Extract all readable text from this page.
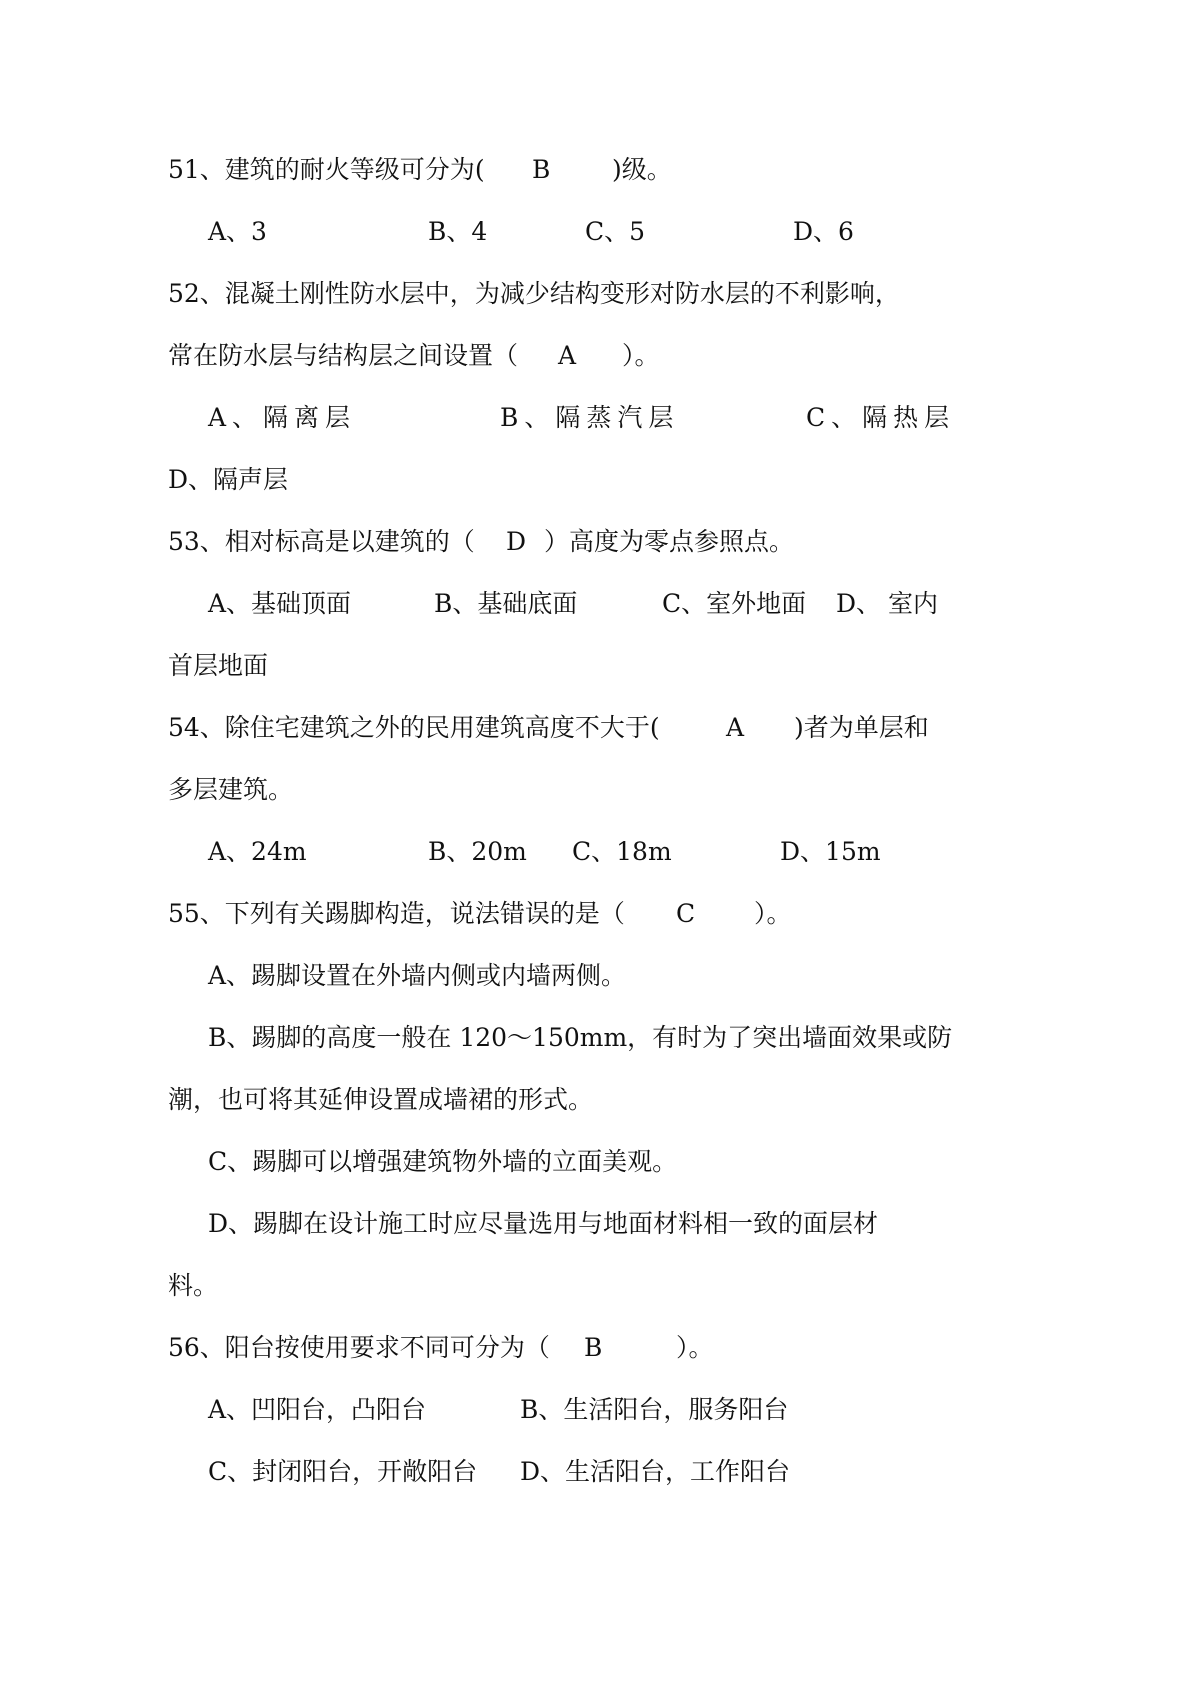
51、建筑的耐火等级可分为(

B

)级。

A、3

	B、4

	C、5

	D、6

52、混凝土刚性防水层中，为减少结构变形对防水层的不利影响，

常在防水层与结构层之间设置（

A

）。

A、隔离层

	B、隔蒸汽层

	C、隔热层

D、隔声层

53、相对标高是以建筑的（

D

）高度为零点参照点。

A、基础顶面

	B、基础底面

	C、室外地面

D、

室内

首层地面

54、除住宅建筑之外的民用建筑高度不大于(

	A

)者为单层和

多层建筑。

A、24m

	B、20m

C、18m

	D、15m

55、下列有关踢脚构造，说法错误的是（

C

）。

A、踢脚设置在外墙内侧或内墙两侧。

B、踢脚的高度一般在 120～150mm，有时为了突出墙面效果或防

潮，也可将其延伸设置成墙裙的形式。

C、踢脚可以增强建筑物外墙的立面美观。

D、踢脚在设计施工时应尽量选用与地面材料相一致的面层材

料。

56、阳台按使用要求不同可分为（

B

	）。

A、凹阳台，凸阳台

	B、生活阳台，服务阳台

C、封闭阳台，开敞阳台

D、生活阳台，工作阳台
